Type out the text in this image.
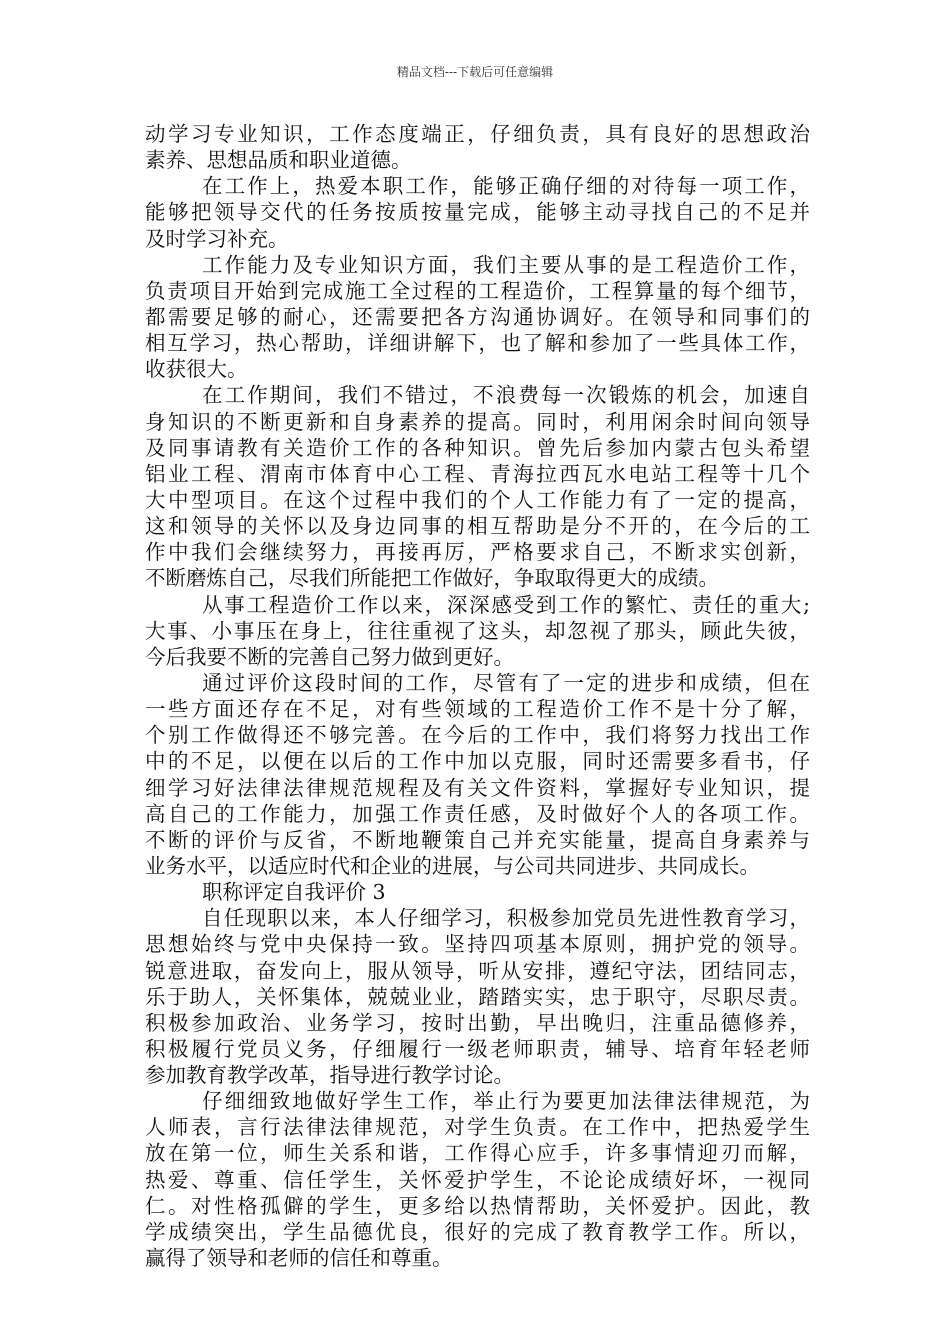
精品文档---下载后可任意编辑
动学习专业知识，工作态度端正，仔细负责，具有良好的思想政治
素养、思想品质和职业道德。
在工作上，热爱本职工作，能够正确仔细的对待每一项工作，
能够把领导交代的任务按质按量完成，能够主动寻找自己的不足并
及时学习补充。
工作能力及专业知识方面，我们主要从事的是工程造价工作，
负责项目开始到完成施工全过程的工程造价，工程算量的每个细节，
都需要足够的耐心，还需要把各方沟通协调好。在领导和同事们的
相互学习，热心帮助，详细讲解下，也了解和参加了一些具体工作，
收获很大。
在工作期间，我们不错过，不浪费每一次锻炼的机会，加速自
身知识的不断更新和自身素养的提高。同时，利用闲余时间向领导
及同事请教有关造价工作的各种知识。曾先后参加内蒙古包头希望
铝业工程、渭南市体育中心工程、青海拉西瓦水电站工程等十几个
大中型项目。在这个过程中我们的个人工作能力有了一定的提高，
这和领导的关怀以及身边同事的相互帮助是分不开的，在今后的工
作中我们会继续努力，再接再厉，严格要求自己，不断求实创新，
不断磨炼自己，尽我们所能把工作做好，争取取得更大的成绩。
从事工程造价工作以来，深深感受到工作的繁忙、责任的重大;
大事、小事压在身上，往往重视了这头，却忽视了那头，顾此失彼，
今后我要不断的完善自己努力做到更好。
通过评价这段时间的工作，尽管有了一定的进步和成绩，但在
一些方面还存在不足，对有些领域的工程造价工作不是十分了解，
个别工作做得还不够完善。在今后的工作中，我们将努力找出工作
中的不足，以便在以后的工作中加以克服，同时还需要多看书，仔
细学习好法律法律规范规程及有关文件资料，掌握好专业知识，提
高自己的工作能力，加强工作责任感，及时做好个人的各项工作。
不断的评价与反省，不断地鞭策自己并充实能量，提高自身素养与
业务水平，以适应时代和企业的进展，与公司共同进步、共同成长。
职称评定自我评价 3
自任现职以来，本人仔细学习，积极参加党员先进性教育学习，
思想始终与党中央保持一致。坚持四项基本原则，拥护党的领导。
锐意进取，奋发向上，服从领导，听从安排，遵纪守法，团结同志，
乐于助人，关怀集体，兢兢业业，踏踏实实，忠于职守，尽职尽责。
积极参加政治、业务学习，按时出勤，早出晚归，注重品德修养，
积极履行党员义务，仔细履行一级老师职责，辅导、培育年轻老师
参加教育教学改革，指导进行教学讨论。
仔细细致地做好学生工作，举止行为要更加法律法律规范，为
人师表，言行法律法律规范，对学生负责。在工作中，把热爱学生
放在第一位，师生关系和谐，工作得心应手，许多事情迎刃而解，
热爱、尊重、信任学生，关怀爱护学生，不论论成绩好坏，一视同
仁。对性格孤僻的学生，更多给以热情帮助，关怀爱护。因此，教
学成绩突出，学生品德优良，很好的完成了教育教学工作。所以，
赢得了领导和老师的信任和尊重。
